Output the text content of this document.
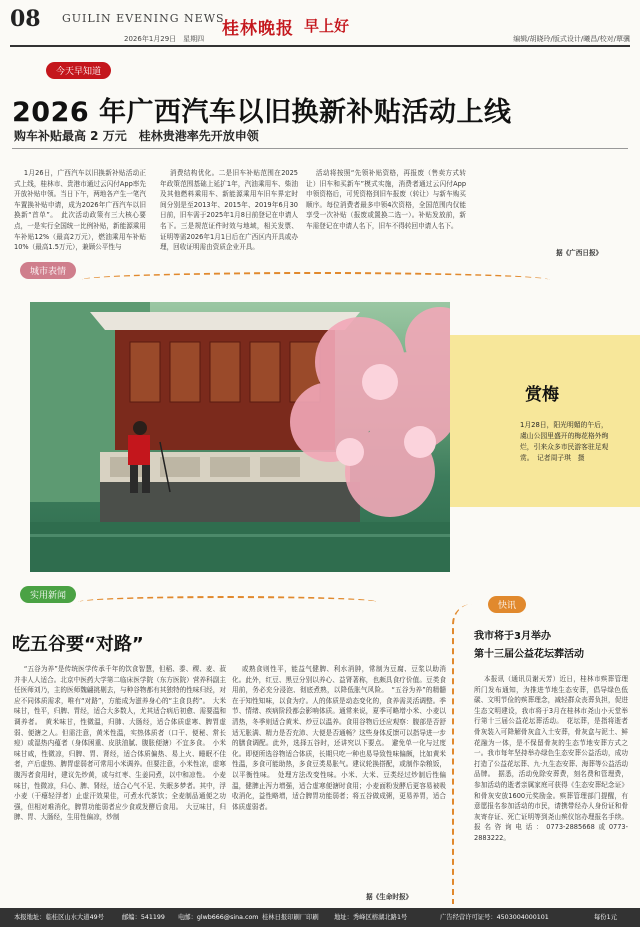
08 GUILIN EVENING NEWS
2026年1月29日　星期四 桂林晚报 早上好
编辑/胡晓玲/版式设计/曦昌/校对/覃骥
今天早知道
2026 年广西汽车以旧换新补贴活动上线
购车补贴最高 2 万元　桂林贵港率先开放申领

1月26日，广西汽车以旧换新补贴活动正式上线，桂林市、贵港市通过云闪付App率先开放补贴申领。当日下午，两地各产生一笔汽车置换补贴申请，成为2026年广西汽车以旧换新“首单”。　此次活动政策有三大核心要点，一是实行全国统一比例补贴，新能源乘用车补贴12%（最高2万元），燃油乘用车补贴10%（最高1.5万元），兼顾公平性与

消费结构优化。二是旧车补贴范围在2025年政策范围基础上延扩1年，汽油乘用车、柴油及其他燃料乘用车、新能源乘用车旧车界定时间分别是至2013年、2015年、2019年6月30日前，旧车需于2025年1月8日前登记在申请人名下。三是规范证件时效与地域，相关发票、证明等需2026年1月1日后在广西区内开具或办理，回收证明需由资质企业开具。

活动将按照“先领补贴资格，再报废（售卖方式转让）旧车和买新车”模式实施，消费者通过云闪付App申领资格后，可凭资格到旧车报废（转让）与新车购买顺序。每位消费者最多申领4次资格，全国范围内仅能享受一次补贴（报废或置换二选一）。补贴发放前，新车需登记在申请人名下，旧车不得转回申请人名下。

据《广西日报》
城市表情
赏梅
1月28日，阳光明媚的午后，虞山公园里盛开的梅花格外绚烂，引来众多市民游客驻足观赏。　记者周子琪　摄
实用新闻
吃五谷要“对路”

“五谷为养”是传统医学传承千年的饮食智慧，但稻、黍、稷、麦、菽并非人人适合。北京中医药大学第二临床医学院（东方医院）营养科副主任医师刘乃，主的医师魏翩挑剔去，与种谷物都有其独特的性味归经，对应不同体质需求，唯有“对路”，方能成为滋养身心的“主食良药”。　大米味甘，性平，归脾、胃经，适合大多数人，尤其适合病后初愈、需要温和调养者。　黄米味甘，性微温，归肺、大肠经，适合体质虚寒、脾胃虚弱、便溏之人。但需注意，黄米性温，实热体质者（口干、便秘、常长痘）或湿热内蕴者（身体困重、皮肤油腻、腹胀便溏）不宜多食。　小米味甘咸，性微凉，归脾、胃、肾经，适合体质偏热、易上火、睡眠不佳者，产后虚热、脾胃虚弱者可常用小米调养。但要注意，小米性凉，虚寒腹泻者食用时，建议先炒黄，或与红枣、生姜同煮，以中和凉性。　小麦味甘，性微凉，归心、脾、肾经，适合心气不足、失眠多梦者。其中，浮小麦（干瘪轻浮者）止虚汗效果佳，可煮水代茶饮；全麦制品通便之功强，但相对难消化，脾胃功能弱者应少食或发酵后食用。　大豆味甘，归脾、胃、大肠经，生用性偏凉，炒制

或熟食则性平，能益气健脾、利水消肿，常制为豆腐、豆浆以助消化。此外，红豆、黑豆分别以养心、益肾著称，也颇具食疗价值。豆类食用前，务必充分浸泡、彻底煮熟，以降低胀气风险。　“五谷为养”的精髓在于知性知味，以食为疗。人的体质是动态变化的，食养需灵活调整。季节、情绪、疾病阶段都会影响体质。通常来说，夏季可略增小米、小麦以清热，冬季则适合黄米、炒豆以温养。食用谷物后还应观察：腹部是否舒适无胀满、精力是否充沛、大便是否通畅？这些身体反馈可以指导进一步的膳食调配。此外，选择五谷时，还讲究以下要点。　避免单一化与过度化。即便所选谷物适合体质，长期只吃一种也易导致性味偏颇，比如黄米性温，多食可能助热，多食豆类易胀气。建议轮换搭配，或制作杂粮饭，以平衡性味。　处理方法改变性味。小米、大米、豆类经过炒制后性偏温，健脾止泻力增强，适合虚寒便溏时食用；小麦面粉发酵后更容易被吸收消化，益性略增，适合脾胃功能弱者；将五谷做成粥，更易养胃，适合体质虚弱者。

据《生命时报》
快讯
我市将于3月举办
第十三届公益花坛葬活动

本报讯（通讯员谢天芳）近日，桂林市殡葬管理所门发布通知，为推进节地生态安葬，倡导绿色低碳、文明节俭的殡葬理念，减轻群众丧葬负担，促进生态文明建设，我市将于3月在桂林市尧山小天堂举行第十三届公益花坛葬活动。　花坛葬，是指将逝者骨灰装入可降解骨灰盒入土安葬，骨灰盒与泥土、鲜花融为一体，是不保留骨灰的生态节地安葬方式之一。我市每年坚持举办绿色生态安葬公益活动，成功打造了公益花坛葬、九·九生态安葬、海葬等公益活动品牌。　据悉，活动免除安葬费，刻名费和管理费，参加活动的逝者亲属家庭可获得《生态安葬纪念证》和骨灰安放1600元奖励金。殡葬管理部门提醒，有意愿报名参加活动的市民，请携带经办人身份证和骨灰寄存证、死亡证明等到尧山殡仪馆办理报名手续。报名咨询电话：0773-2885668或0773-2883222。

本报地址：临桂区山水大道49号	邮编：541199 电邮：glwb666@sina.com 桂林日报印刷厂印刷 地址：秀峰区榕湖北路1号	广告经营许可证号：4503004000101	每份1元
